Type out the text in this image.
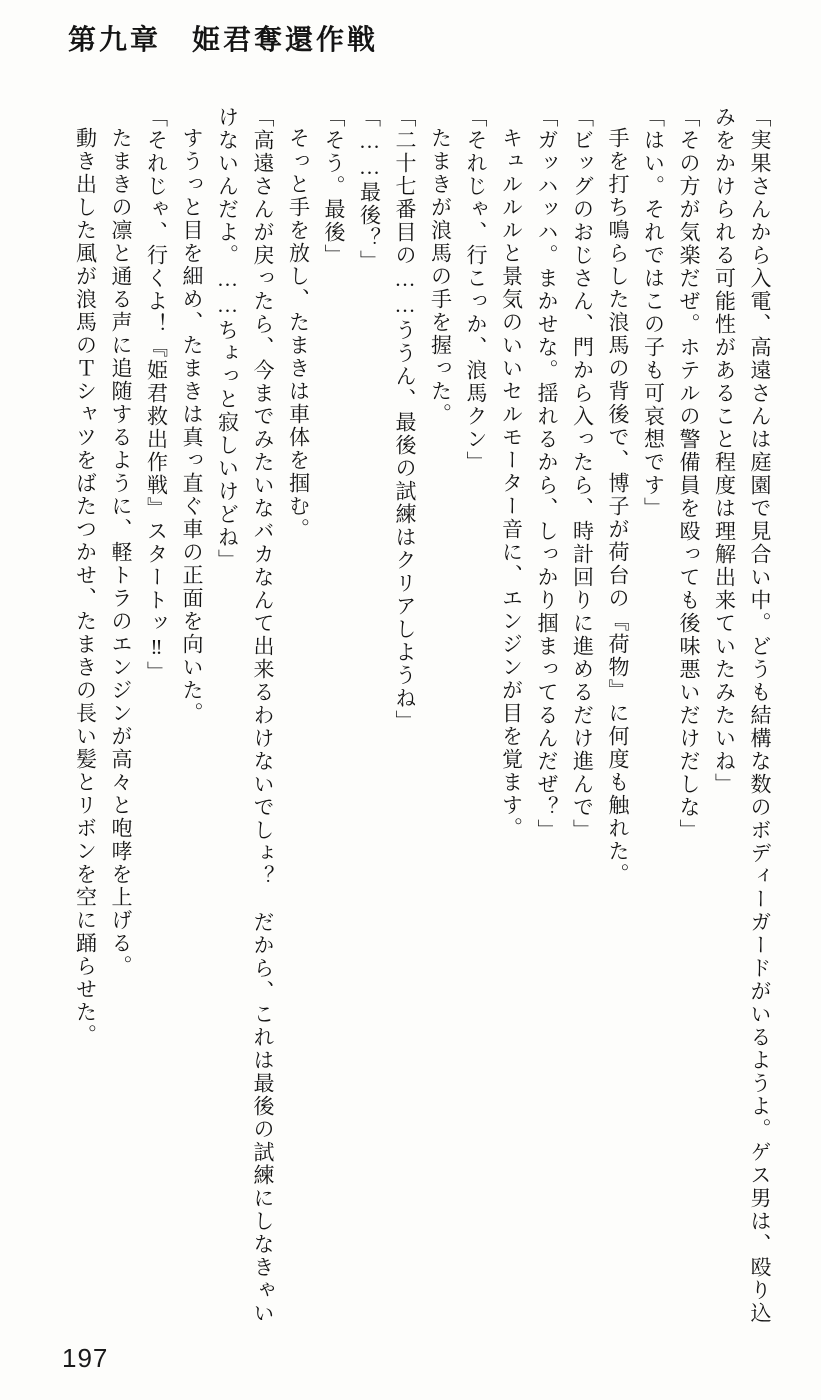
第九章　姫君奪還作戦

「実果さんから入電、高遠さんは庭園で見合い中。どうも結構な数のボディーガードがいるようよ。ゲス男は、殴り込

みをかけられる可能性があること程度は理解出来ていたみたいね」

「その方が気楽だぜ。ホテルの警備員を殴っても後味悪いだけだしな」

「はい。それではこの子も可哀想です」

手を打ち鳴らした浪馬の背後で、博子が荷台の『荷物』に何度も触れた。

「ビッグのおじさん、門から入ったら、時計回りに進めるだけ進んで」

「ガッハッハ。まかせな。揺れるから、しっかり掴まってるんだぜ？」

キュルルルと景気のいいセルモーター音に、エンジンが目を覚ます。

「それじゃ、行こっか、浪馬クン」

たまきが浪馬の手を握った。

「二十七番目の……ううん、最後の試練はクリアしようね」

「……最後？」

「そう。最後」

そっと手を放し、たまきは車体を掴む。

「高遠さんが戻ったら、今までみたいなバカなんて出来るわけないでしょ？　だから、これは最後の試練にしなきゃい

けないんだよ。……ちょっと寂しいけどね」

すうっと目を細め、たまきは真っ直ぐ車の正面を向いた。

「それじゃ、行くよ！『姫君救出作戦』スタートッ‼」

たまきの凛と通る声に追随するように、軽トラのエンジンが高々と咆哮を上げる。

動き出した風が浪馬のＴシャツをばたつかせ、たまきの長い髪とリボンを空に踊らせた。

197
